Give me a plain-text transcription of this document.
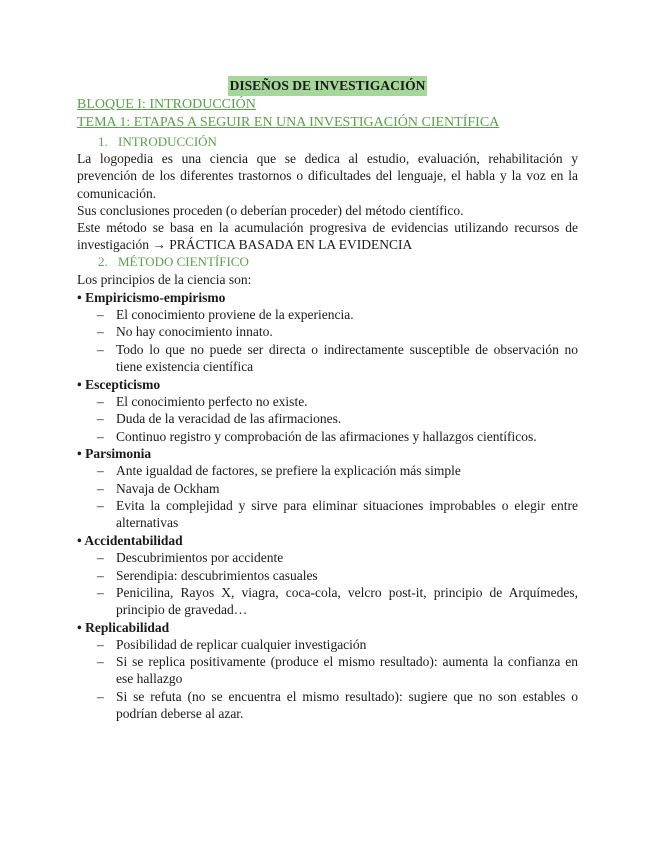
DISEÑOS DE INVESTIGACIÓN
BLOQUE I: INTRODUCCIÓN
TEMA 1: ETAPAS A SEGUIR EN UNA INVESTIGACIÓN CIENTÍFICA
1. INTRODUCCIÓN
La logopedia es una ciencia que se dedica al estudio, evaluación, rehabilitación y prevención de los diferentes trastornos o dificultades del lenguaje, el habla y la voz en la comunicación.
Sus conclusiones proceden (o deberían proceder) del método científico.
Este método se basa en la acumulación progresiva de evidencias utilizando recursos de investigación → PRÁCTICA BASADA EN LA EVIDENCIA
2. MÉTODO CIENTÍFICO
Los principios de la ciencia son:
• Empiricismo-empirismo
– El conocimiento proviene de la experiencia.
– No hay conocimiento innato.
– Todo lo que no puede ser directa o indirectamente susceptible de observación no tiene existencia científica
• Escepticismo
– El conocimiento perfecto no existe.
– Duda de la veracidad de las afirmaciones.
– Continuo registro y comprobación de las afirmaciones y hallazgos científicos.
• Parsimonia
– Ante igualdad de factores, se prefiere la explicación más simple
– Navaja de Ockham
– Evita la complejidad y sirve para eliminar situaciones improbables o elegir entre alternativas
• Accidentabilidad
– Descubrimientos por accidente
– Serendipia: descubrimientos casuales
– Penicilina, Rayos X, viagra, coca-cola, velcro post-it, principio de Arquímedes, principio de gravedad…
• Replicabilidad
– Posibilidad de replicar cualquier investigación
– Si se replica positivamente (produce el mismo resultado): aumenta la confianza en ese hallazgo
– Si se refuta (no se encuentra el mismo resultado): sugiere que no son estables o podrían deberse al azar.
